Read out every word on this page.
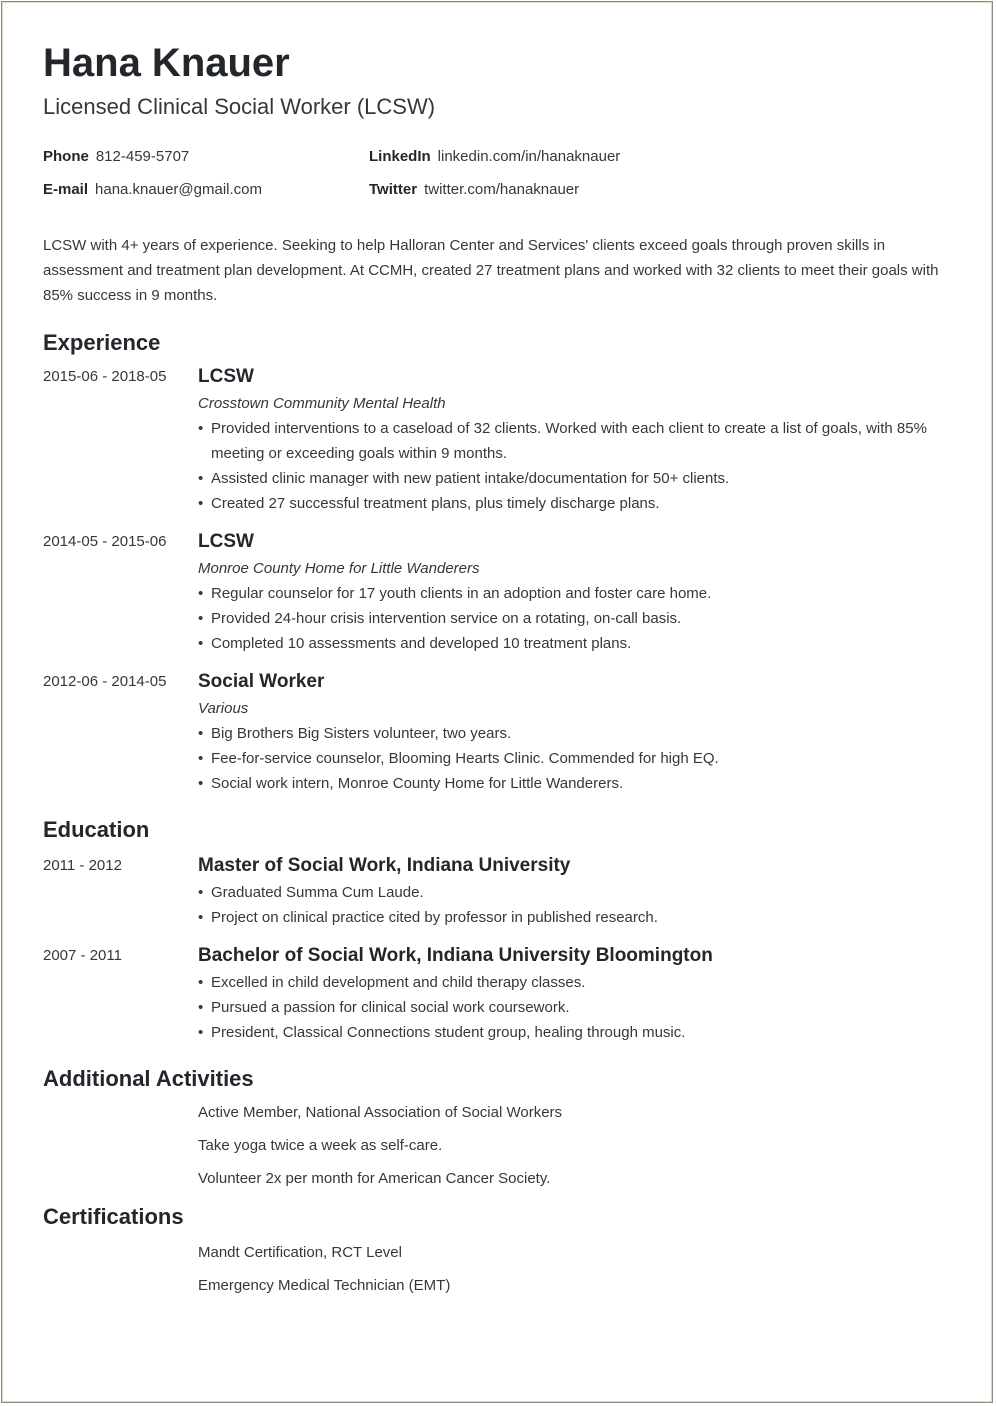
Hana Knauer
Licensed Clinical Social Worker (LCSW)
Phone 812-459-5707	LinkedIn linkedin.com/in/hanaknauer
E-mail hana.knauer@gmail.com	Twitter twitter.com/hanaknauer
LCSW with 4+ years of experience. Seeking to help Halloran Center and Services' clients exceed goals through proven skills in assessment and treatment plan development. At CCMH, created 27 treatment plans and worked with 32 clients to meet their goals with 85% success in 9 months.
Experience
2015-06 - 2018-05 LCSW
Crosstown Community Mental Health
• Provided interventions to a caseload of 32 clients. Worked with each client to create a list of goals, with 85% meeting or exceeding goals within 9 months.
• Assisted clinic manager with new patient intake/documentation for 50+ clients.
• Created 27 successful treatment plans, plus timely discharge plans.
2014-05 - 2015-06 LCSW
Monroe County Home for Little Wanderers
• Regular counselor for 17 youth clients in an adoption and foster care home.
• Provided 24-hour crisis intervention service on a rotating, on-call basis.
• Completed 10 assessments and developed 10 treatment plans.
2012-06 - 2014-05 Social Worker
Various
• Big Brothers Big Sisters volunteer, two years.
• Fee-for-service counselor, Blooming Hearts Clinic. Commended for high EQ.
• Social work intern, Monroe County Home for Little Wanderers.
Education
2011 - 2012	Master of Social Work, Indiana University
• Graduated Summa Cum Laude.
• Project on clinical practice cited by professor in published research.
2007 - 2011	Bachelor of Social Work, Indiana University Bloomington
• Excelled in child development and child therapy classes.
• Pursued a passion for clinical social work coursework.
• President, Classical Connections student group, healing through music.
Additional Activities
Active Member, National Association of Social Workers
Take yoga twice a week as self-care.
Volunteer 2x per month for American Cancer Society.
Certifications
Mandt Certification, RCT Level
Emergency Medical Technician (EMT)
